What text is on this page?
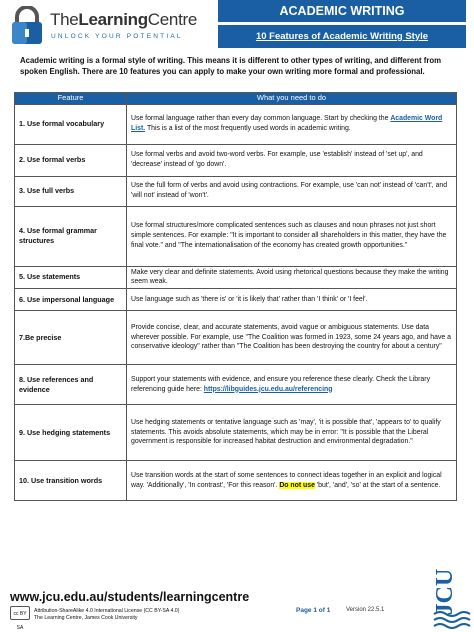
TheLearningCentre
UNLOCK YOUR POTENTIAL
ACADEMIC WRITING
10 Features of Academic Writing Style
Academic writing is a formal style of writing. This means it is different to other types of writing, and different from spoken English. There are 10 features you can apply to make your own writing more formal and professional.
Feature	What you need to do
1. Use formal vocabulary	Use formal language rather than every day common language. Start by checking the Academic Word List. This is a list of the most frequently used words in academic writing.
2. Use formal verbs	Use formal verbs and avoid two-word verbs. For example, use 'establish' instead of 'set up', and 'decrease' instead of 'go down'.
3. Use full verbs	Use the full form of verbs and avoid using contractions. For example, use 'can not' instead of 'can't', and 'will not' instead of 'won't'.
4. Use formal grammar structures	Use formal structures/more complicated sentences such as clauses and noun phrases not just short simple sentences. For example: "It is important to consider all shareholders in this matter, they have the final vote." and "The internationalisation of the economy has created growth opportunities."
5. Use statements	Make very clear and definite statements. Avoid using rhetorical questions because they make the writing seem weak.
6. Use impersonal language	Use language such as 'there is' or 'it is likely that' rather than 'I think' or 'I feel'.
7.Be precise	Provide concise, clear, and accurate statements, avoid vague or ambiguous statements. Use data wherever possible. For example, use "The Coalition was formed in 1923, some 24 years ago, and have a conservative ideology" rather than "The Coalition has been destroying the country for about a century"
8. Use references and evidence	Support your statements with evidence, and ensure you reference these clearly. Check the Library referencing guide here: https://libguides.jcu.edu.au/referencing
9. Use hedging statements	Use hedging statements or tentative language such as 'may', 'it is possible that', 'appears to' to qualify statements. This avoids absolute statements, which may be in error: "It is possible that the Liberal government is responsible for increased habitat destruction and environmental degradation."
10. Use transition words	Use transition words at the start of some sentences to connect ideas together in an explicit and logical way. 'Additionally', 'In contrast', 'For this reason'. Do not use 'but', 'and', 'so' at the start of a sentence.
www.jcu.edu.au/students/learningcentre
cc BY SA
Attribution-ShareAlike 4.0 International License (CC BY-SA 4.0)
The Learning Centre, James Cook University
Page 1 of 1	Version 22.5.1 JCU
